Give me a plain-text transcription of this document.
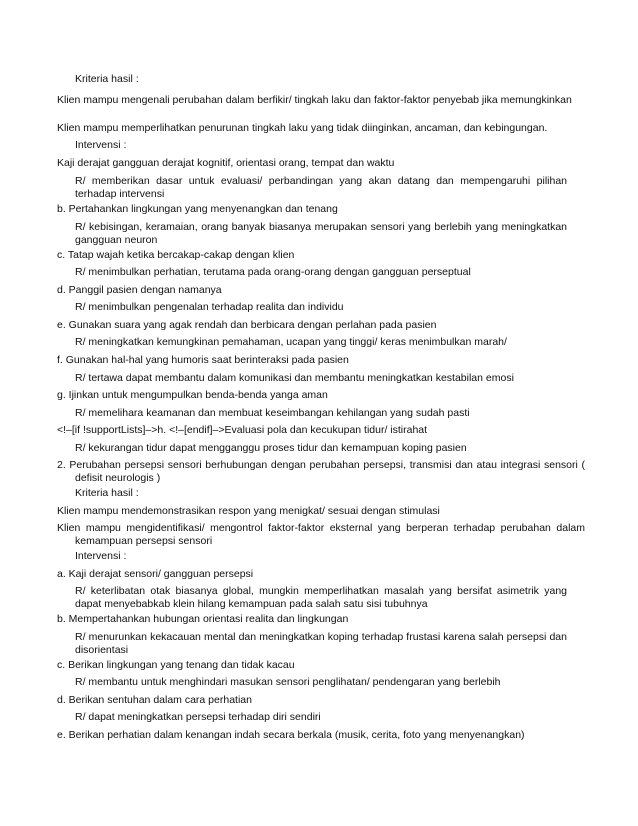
Kriteria hasil :
Klien mampu mengenali perubahan dalam berfikir/ tingkah laku dan faktor-faktor penyebab jika memungkinkan
Klien mampu memperlihatkan penurunan tingkah laku yang tidak diinginkan, ancaman, dan kebingungan.
Intervensi :
Kaji derajat gangguan derajat kognitif, orientasi orang, tempat dan waktu
R/ memberikan dasar untuk evaluasi/ perbandingan yang akan datang dan mempengaruhi pilihan terhadap intervensi
b. Pertahankan lingkungan yang menyenangkan dan tenang
R/ kebisingan, keramaian, orang banyak biasanya merupakan sensori yang berlebih yang meningkatkan gangguan neuron
c. Tatap wajah ketika bercakap-cakap dengan klien
R/ menimbulkan perhatian, terutama pada orang-orang dengan gangguan perseptual
d. Panggil pasien dengan namanya
R/ menimbulkan pengenalan terhadap realita dan individu
e. Gunakan suara yang agak rendah dan berbicara dengan perlahan pada pasien
R/ meningkatkan kemungkinan pemahaman, ucapan yang tinggi/ keras menimbulkan marah/
f. Gunakan hal-hal yang humoris saat berinteraksi pada pasien
R/ tertawa dapat membantu dalam komunikasi dan membantu meningkatkan kestabilan emosi
g. Ijinkan untuk mengumpulkan benda-benda yanga aman
R/ memelihara keamanan dan membuat keseimbangan kehilangan yang sudah pasti
<!–[if !supportLists]–>h. <!–[endif]–>Evaluasi pola dan kecukupan tidur/ istirahat
R/ kekurangan tidur dapat mengganggu proses tidur dan kemampuan koping pasien
2. Perubahan persepsi sensori berhubungan dengan perubahan persepsi, transmisi dan atau integrasi sensori ( defisit neurologis )
Kriteria hasil :
Klien mampu mendemonstrasikan respon yang menigkat/ sesuai dengan stimulasi
Klien mampu mengidentifikasi/ mengontrol faktor-faktor eksternal yang berperan terhadap perubahan dalam kemampuan persepsi sensori
Intervensi :
a. Kaji derajat sensori/ gangguan persepsi
R/ keterlibatan otak biasanya global, mungkin memperlihatkan masalah yang bersifat asimetrik yang dapat menyebabkab klein hilang kemampuan pada salah satu sisi tubuhnya
b. Mempertahankan hubungan orientasi realita dan lingkungan
R/ menurunkan kekacauan mental dan meningkatkan koping terhadap frustasi karena salah persepsi dan disorientasi
c. Berikan lingkungan yang tenang dan tidak kacau
R/ membantu untuk menghindari masukan sensori penglihatan/ pendengaran yang berlebih
d. Berikan sentuhan dalam cara perhatian
R/ dapat meningkatkan persepsi terhadap diri sendiri
e. Berikan perhatian dalam kenangan indah secara berkala (musik, cerita, foto yang menyenangkan)
